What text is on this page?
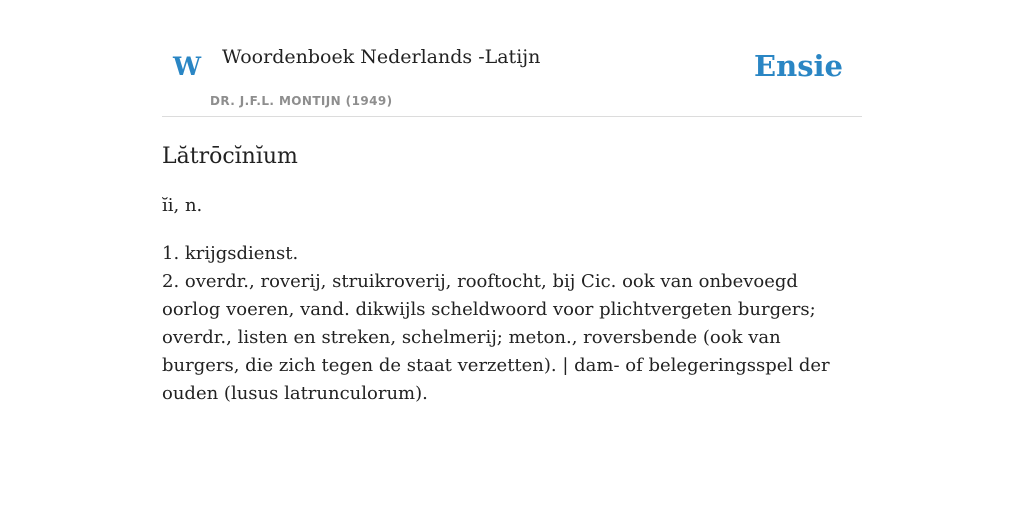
W Woordenboek Nederlands -Latijn
DR. J.F.L. MONTIJN (1949)
Ensie
Lătrōcĭnĭum
ĭi, n.
1. krijgsdienst.
2. overdr., roverij, struikroverij, rooftocht, bij Cic. ook van onbevoegd oorlog voeren, vand. dikwijls scheldwoord voor plichtvergeten burgers; overdr., listen en streken, schelmerij; meton., roversbende (ook van burgers, die zich tegen de staat verzetten). | dam- of belegeringsspel der ouden (lusus latrunculorum).
